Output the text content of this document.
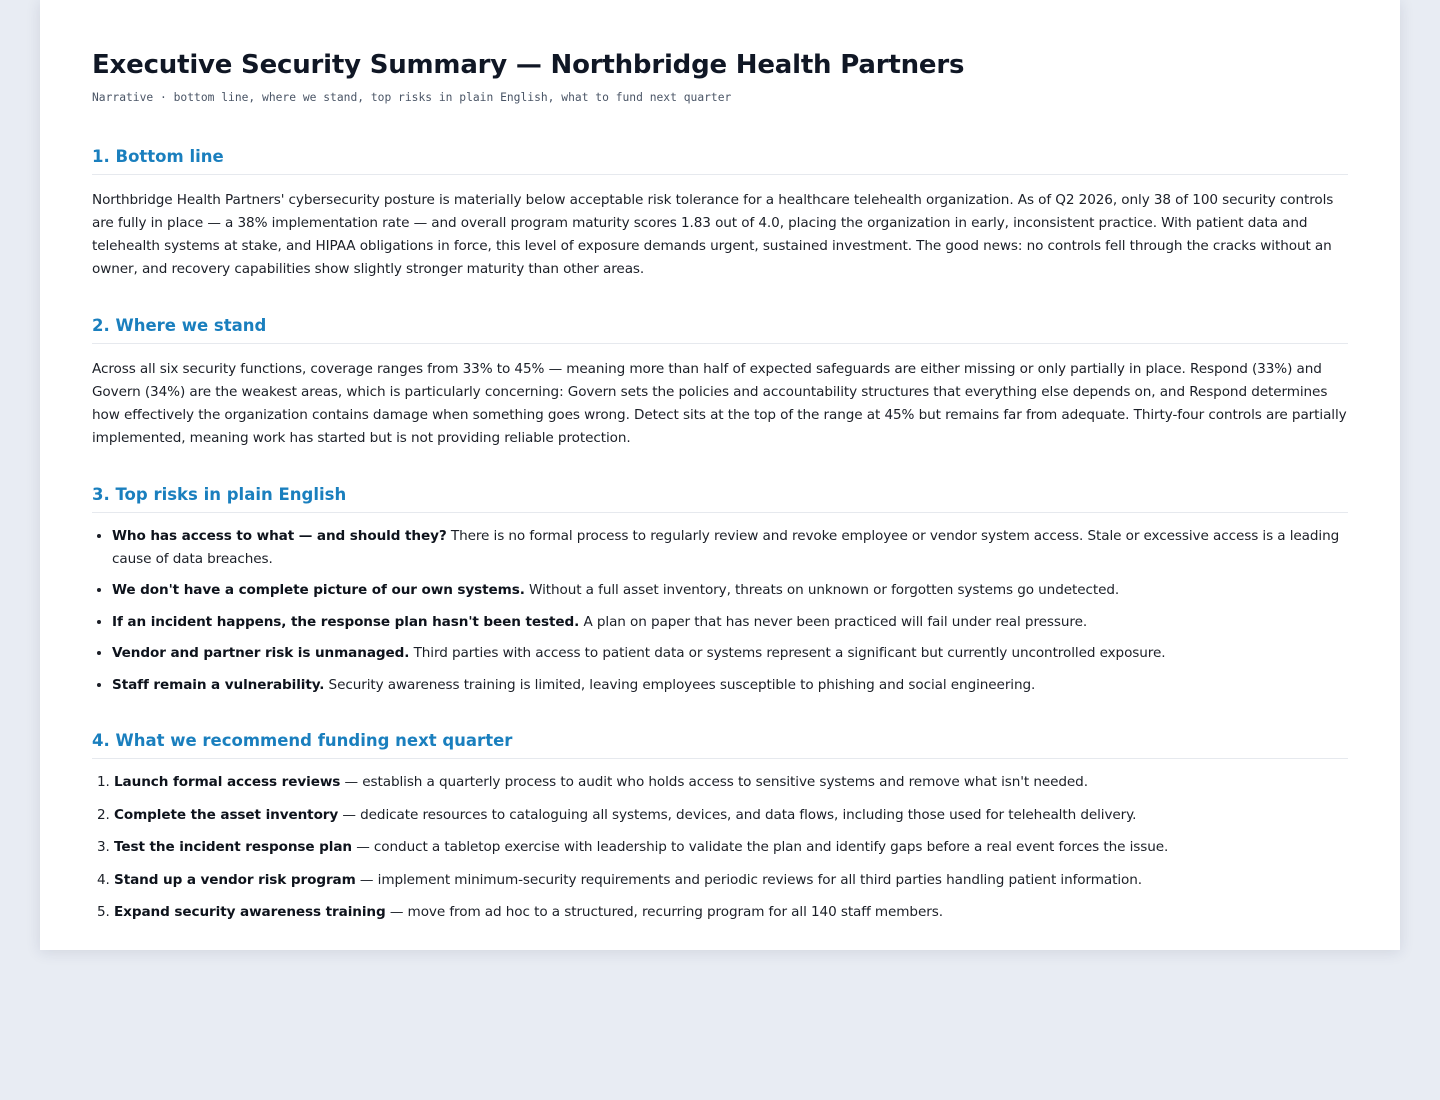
Executive Security Summary — Northbridge Health Partners
Narrative · bottom line, where we stand, top risks in plain English, what to fund next quarter
1. Bottom line

Northbridge Health Partners' cybersecurity posture is materially below acceptable risk tolerance for a healthcare telehealth organization. As of Q2 2026, only 38 of 100 security controls are fully in place — a 38% implementation rate — and overall program maturity scores 1.83 out of 4.0, placing the organization in early, inconsistent practice. With patient data and telehealth systems at stake, and HIPAA obligations in force, this level of exposure demands urgent, sustained investment. The good news: no controls fell through the cracks without an owner, and recovery capabilities show slightly stronger maturity than other areas.

2. Where we stand

Across all six security functions, coverage ranges from 33% to 45% — meaning more than half of expected safeguards are either missing or only partially in place. Respond (33%) and Govern (34%) are the weakest areas, which is particularly concerning: Govern sets the policies and accountability structures that everything else depends on, and Respond determines how effectively the organization contains damage when something goes wrong. Detect sits at the top of the range at 45% but remains far from adequate. Thirty-four controls are partially implemented, meaning work has started but is not providing reliable protection.

3. Top risks in plain English
• Who has access to what — and should they? There is no formal process to regularly review and revoke employee or vendor system access. Stale or excessive access is a leading cause of data breaches.
• We don't have a complete picture of our own systems. Without a full asset inventory, threats on unknown or forgotten systems go undetected.
• If an incident happens, the response plan hasn't been tested. A plan on paper that has never been practiced will fail under real pressure.
• Vendor and partner risk is unmanaged. Third parties with access to patient data or systems represent a significant but currently uncontrolled exposure.
• Staff remain a vulnerability. Security awareness training is limited, leaving employees susceptible to phishing and social engineering.
4. What we recommend funding next quarter
1. Launch formal access reviews — establish a quarterly process to audit who holds access to sensitive systems and remove what isn't needed.
2. Complete the asset inventory — dedicate resources to cataloguing all systems, devices, and data flows, including those used for telehealth delivery.
3. Test the incident response plan — conduct a tabletop exercise with leadership to validate the plan and identify gaps before a real event forces the issue.
4. Stand up a vendor risk program — implement minimum-security requirements and periodic reviews for all third parties handling patient information.
5. Expand security awareness training — move from ad hoc to a structured, recurring program for all 140 staff members.
